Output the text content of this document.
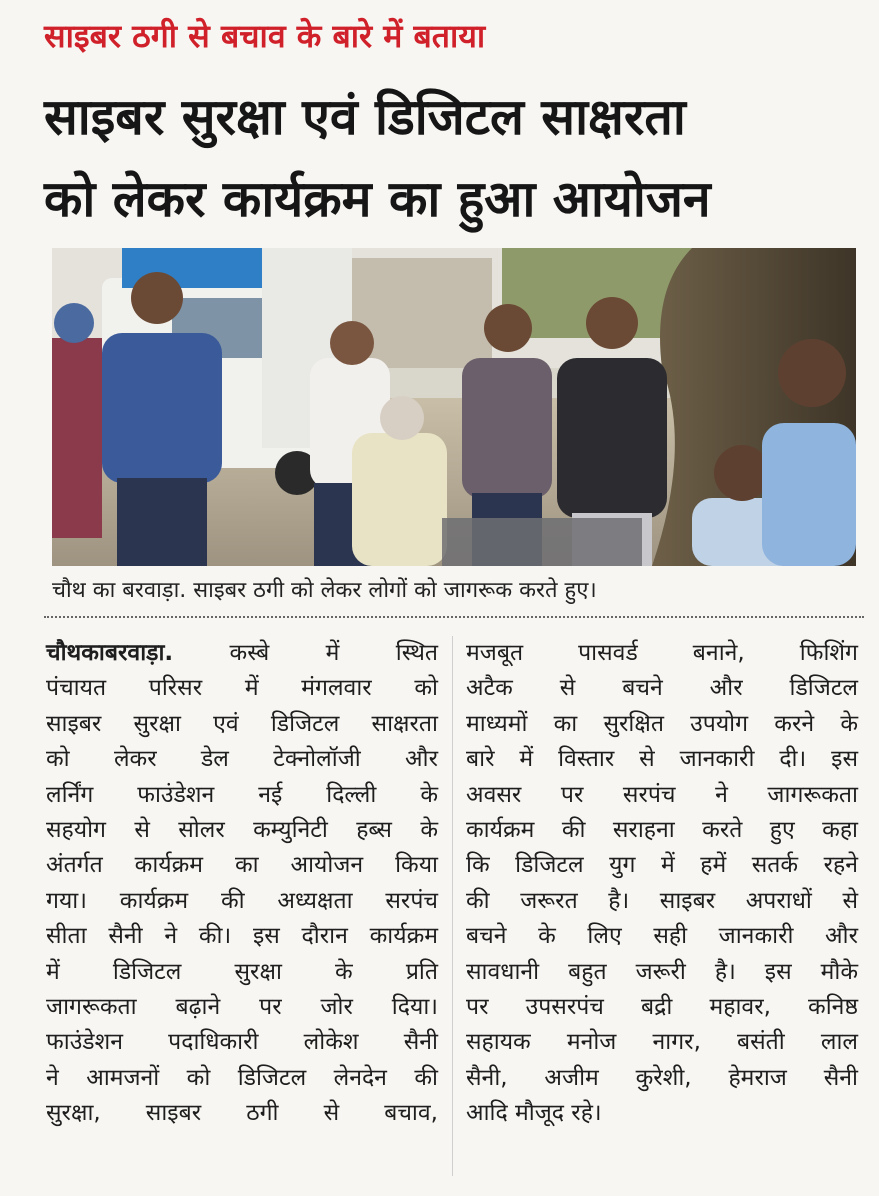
साइबर ठगी से बचाव के बारे में बताया
साइबर सुरक्षा एवं डिजिटल साक्षरता
को लेकर कार्यक्रम का हुआ आयोजन
चौथ का बरवाड़ा. साइबर ठगी को लेकर लोगों को जागरूक करते हुए।
चौथकाबरवाड़ा. कस्बे में स्थित
पंचायत परिसर में मंगलवार को
साइबर सुरक्षा एवं डिजिटल साक्षरता
को लेकर डेल टेक्नोलॉजी और
लर्निंग फाउंडेशन नई दिल्ली के
सहयोग से सोलर कम्युनिटी हब्स के
अंतर्गत कार्यक्रम का आयोजन किया
गया। कार्यक्रम की अध्यक्षता सरपंच
सीता सैनी ने की। इस दौरान कार्यक्रम
में डिजिटल सुरक्षा के प्रति
जागरूकता बढ़ाने पर जोर दिया।
फाउंडेशन पदाधिकारी लोकेश सैनी
ने आमजनों को डिजिटल लेनदेन की
सुरक्षा, साइबर ठगी से बचाव,
मजबूत पासवर्ड बनाने, फिशिंग
अटैक से बचने और डिजिटल
माध्यमों का सुरक्षित उपयोग करने के
बारे में विस्तार से जानकारी दी। इस
अवसर पर सरपंच ने जागरूकता
कार्यक्रम की सराहना करते हुए कहा
कि डिजिटल युग में हमें सतर्क रहने
की जरूरत है। साइबर अपराधों से
बचने के लिए सही जानकारी और
सावधानी बहुत जरूरी है। इस मौके
पर उपसरपंच बद्री महावर, कनिष्ठ
सहायक मनोज नागर, बसंती लाल
सैनी, अजीम कुरेशी, हेमराज सैनी
आदि मौजूद रहे।
